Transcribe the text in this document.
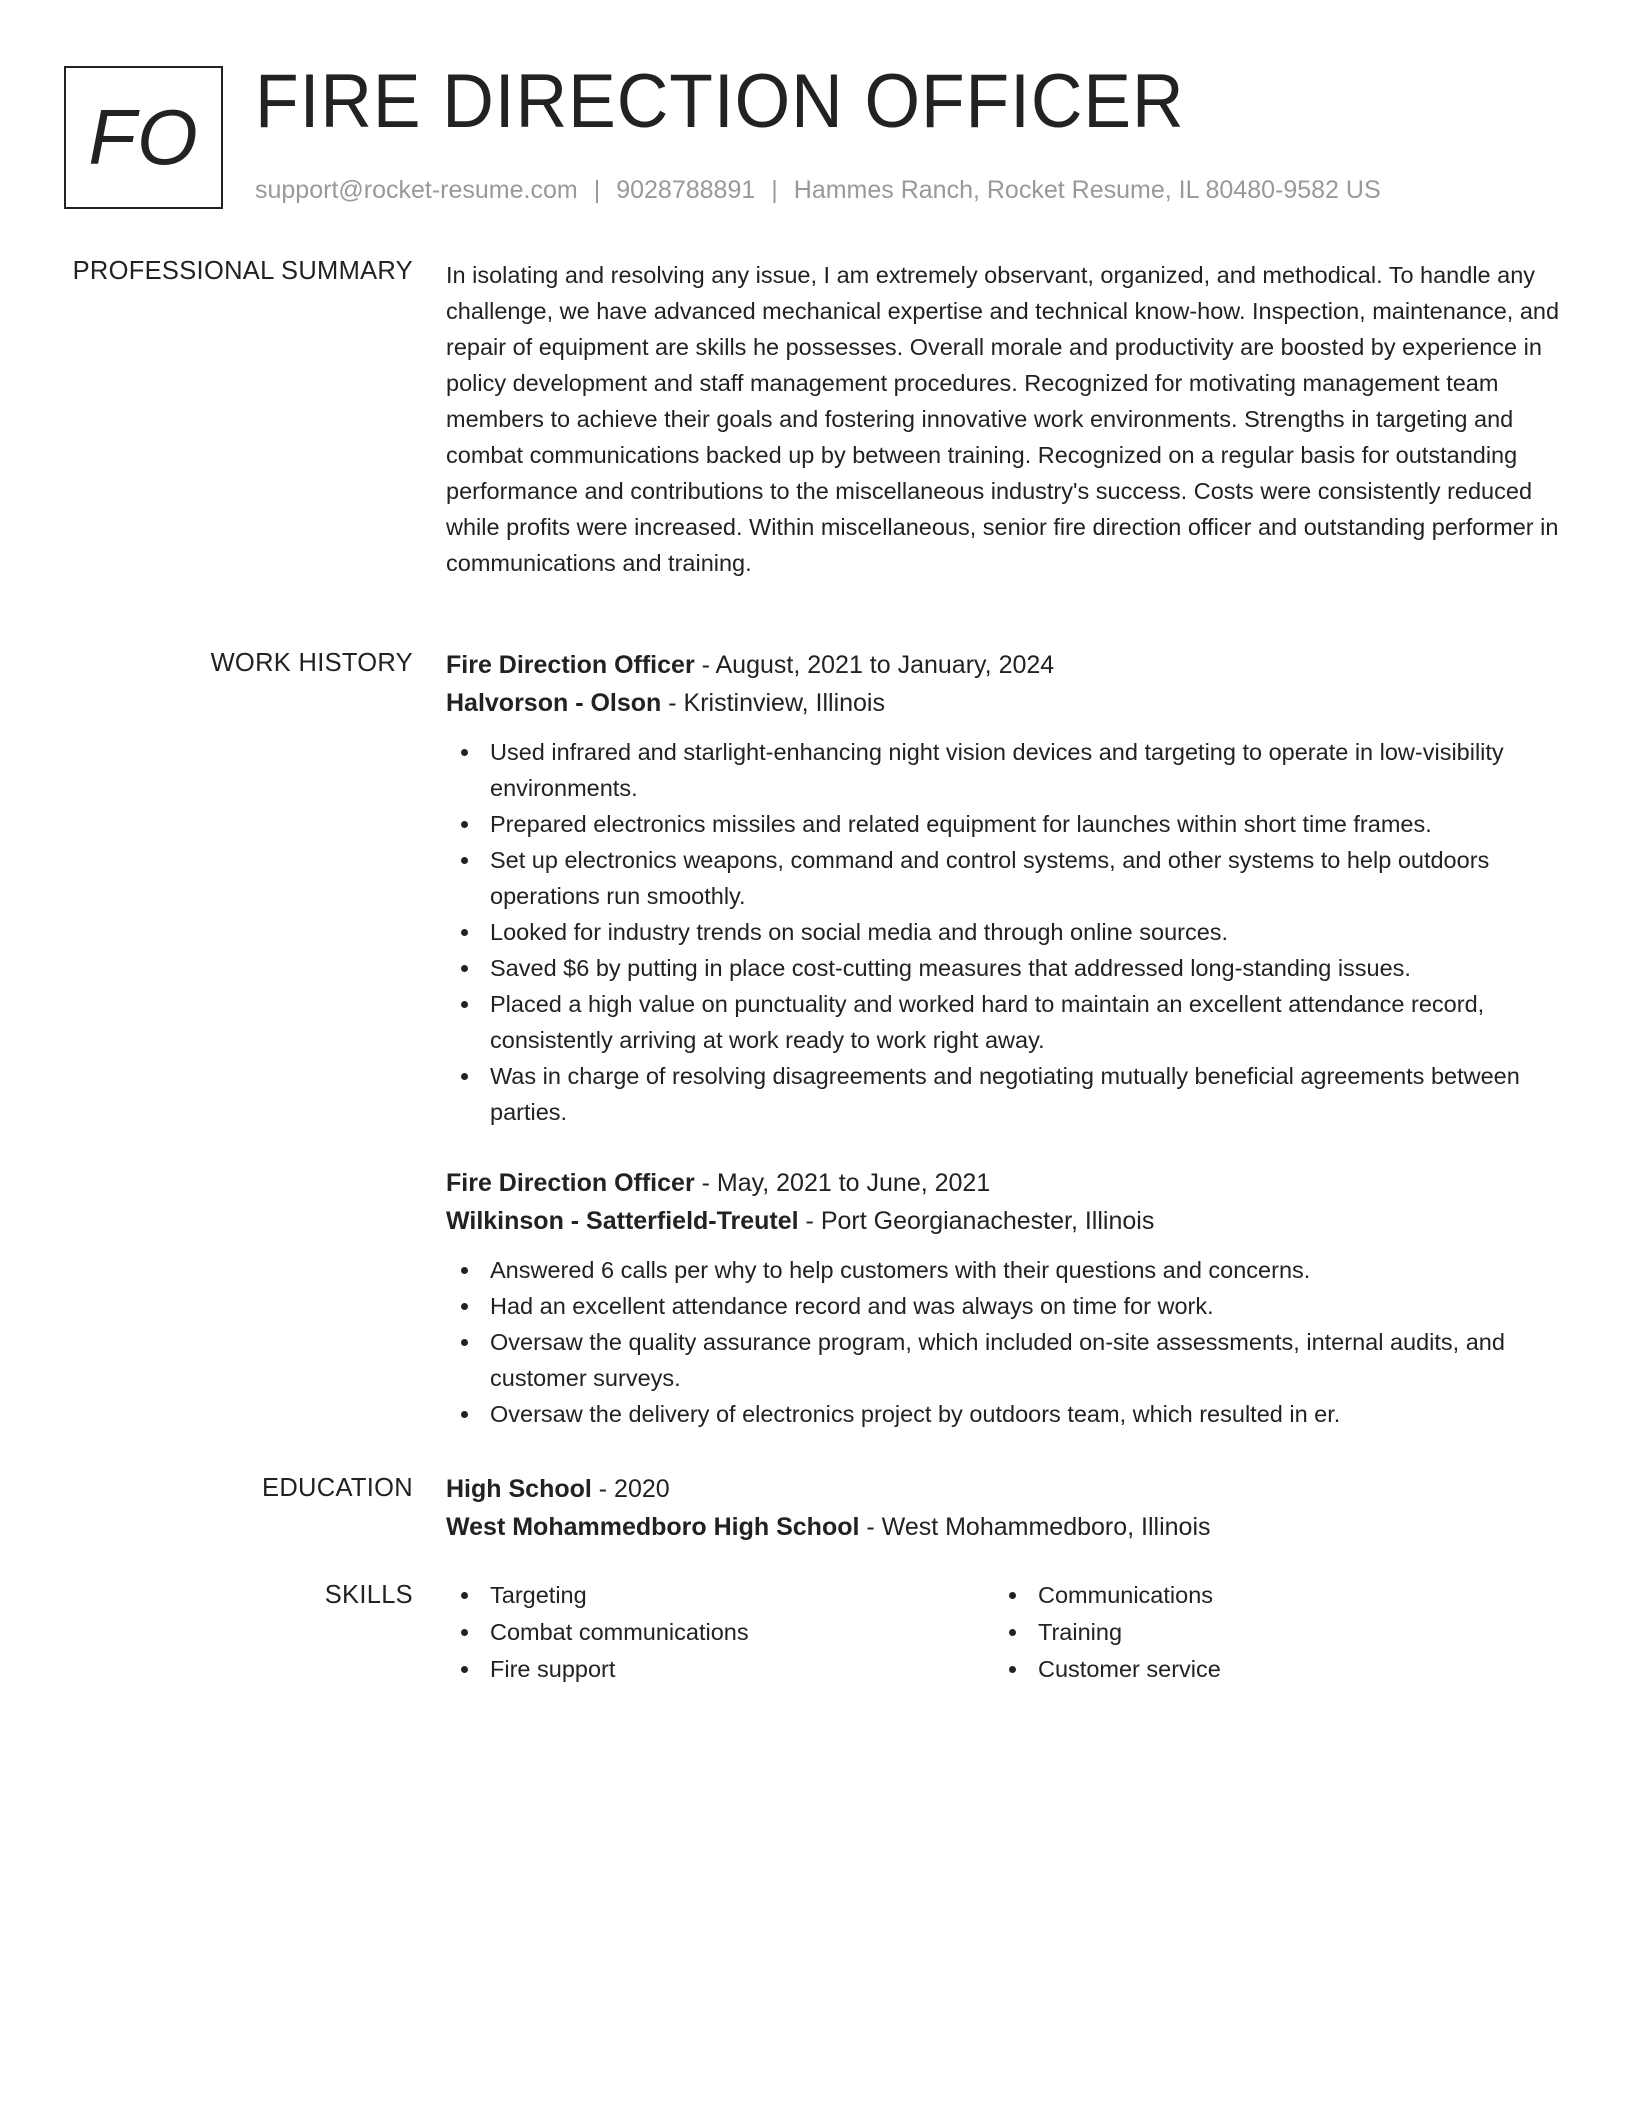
FO FIRE DIRECTION OFFICER
support@rocket-resume.com | 9028788891 | Hammes Ranch, Rocket Resume, IL 80480-9582 US
PROFESSIONAL SUMMARY In isolating and resolving any issue, I am extremely observant, organized, and methodical. To handle any challenge, we have advanced mechanical expertise and technical know-how. Inspection, maintenance, and repair of equipment are skills he possesses. Overall morale and productivity are boosted by experience in policy development and staff management procedures. Recognized for motivating management team members to achieve their goals and fostering innovative work environments. Strengths in targeting and combat communications backed up by between training. Recognized on a regular basis for outstanding performance and contributions to the miscellaneous industry's success. Costs were consistently reduced while profits were increased. Within miscellaneous, senior fire direction officer and outstanding performer in communications and training.

WORK HISTORY Fire Direction Officer - August, 2021 to January, 2024
Halvorson - Olson - Kristinview, Illinois
Used infrared and starlight-enhancing night vision devices and targeting to operate in low-visibility environments.
Prepared electronics missiles and related equipment for launches within short time frames.
Set up electronics weapons, command and control systems, and other systems to help outdoors operations run smoothly.
Looked for industry trends on social media and through online sources.
Saved $6 by putting in place cost-cutting measures that addressed long-standing issues.
Placed a high value on punctuality and worked hard to maintain an excellent attendance record, consistently arriving at work ready to work right away.
Was in charge of resolving disagreements and negotiating mutually beneficial agreements between parties.
Fire Direction Officer - May, 2021 to June, 2021
Wilkinson - Satterfield-Treutel - Port Georgianachester, Illinois
Answered 6 calls per why to help customers with their questions and concerns.
Had an excellent attendance record and was always on time for work.
Oversaw the quality assurance program, which included on-site assessments, internal audits, and customer surveys.
Oversaw the delivery of electronics project by outdoors team, which resulted in er.
EDUCATION High School - 2020
West Mohammedboro High School - West Mohammedboro, Illinois
SKILLS	Targeting
Combat communications
Fire support
Communications
Training
Customer service
